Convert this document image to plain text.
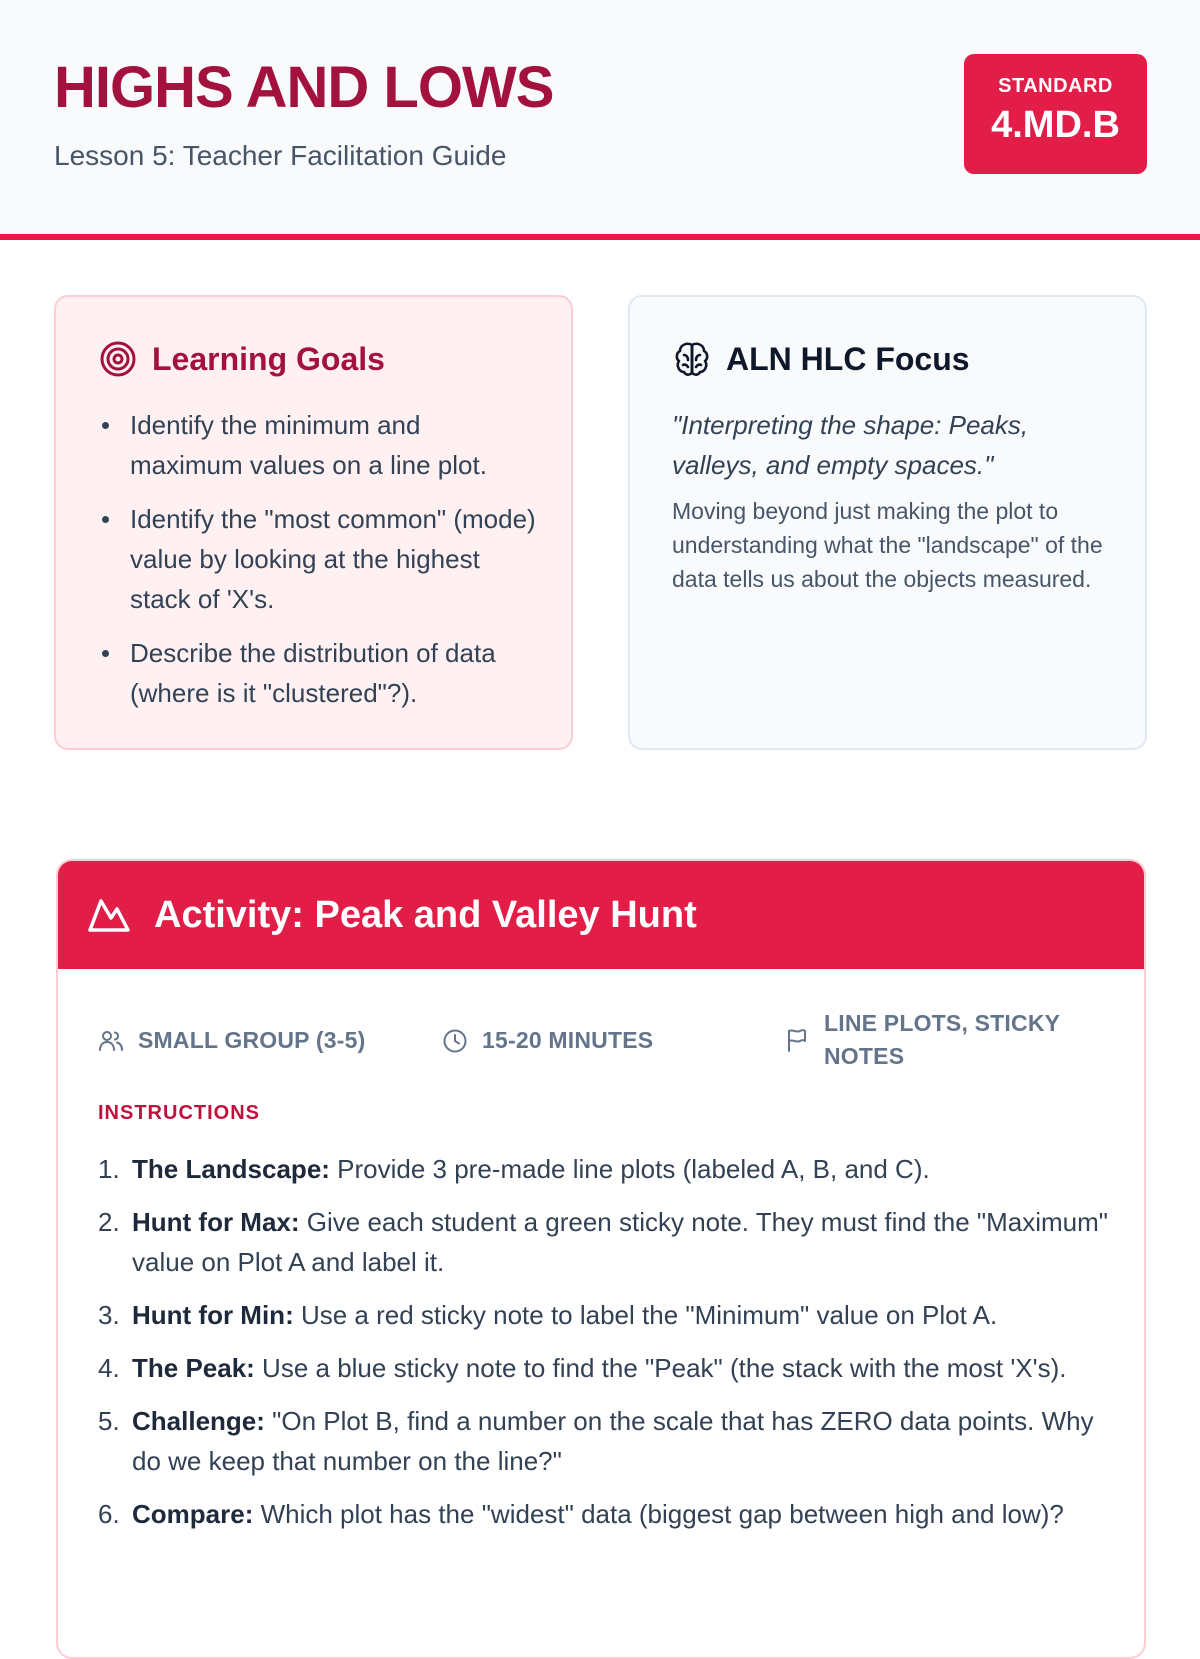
HIGHS AND LOWS
Lesson 5: Teacher Facilitation Guide
STANDARD
4.MD.B
Learning Goals
Identify the minimum and maximum values on a line plot.
Identify the "most common" (mode) value by looking at the highest stack of 'X's.
Describe the distribution of data (where is it "clustered"?).
ALN HLC Focus
"Interpreting the shape: Peaks, valleys, and empty spaces."
Moving beyond just making the plot to understanding what the "landscape" of the data tells us about the objects measured.
Activity: Peak and Valley Hunt
SMALL GROUP (3-5)	15-20 MINUTES
LINE PLOTS, STICKY NOTES
INSTRUCTIONS
1. The Landscape: Provide 3 pre-made line plots (labeled A, B, and C).
2. Hunt for Max: Give each student a green sticky note. They must find the "Maximum" value on Plot A and label it.
3. Hunt for Min: Use a red sticky note to label the "Minimum" value on Plot A.
4. The Peak: Use a blue sticky note to find the "Peak" (the stack with the most 'X's).
5. Challenge: "On Plot B, find a number on the scale that has ZERO data points. Why do we keep that number on the line?"
6. Compare: Which plot has the "widest" data (biggest gap between high and low)?
